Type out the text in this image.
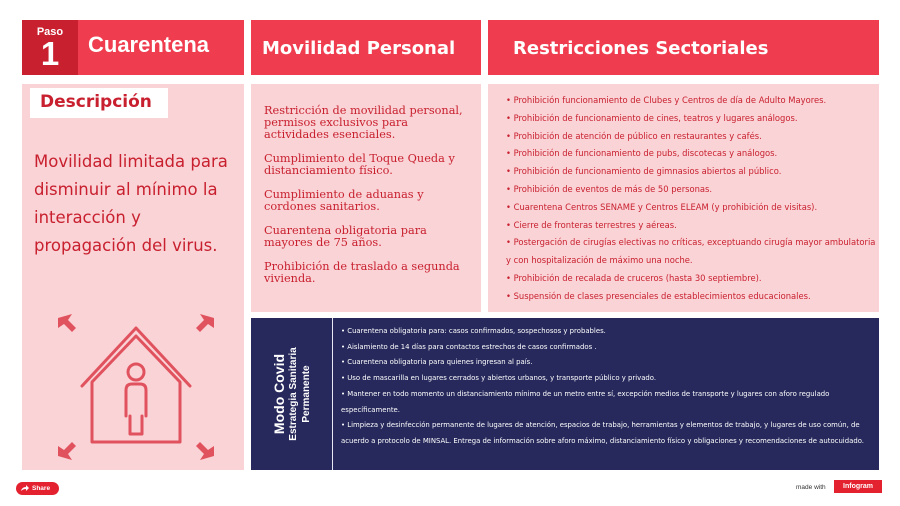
Paso
1	Cuarentena	Movilidad Personal	Restricciones Sectoriales
Descripción
Movilidad limitada para disminuir al mínimo la interacción y propagación del virus.
Restricción de movilidad personal, permisos exclusivos para actividades esenciales.
Cumplimiento del Toque Queda y distanciamiento físico.
Cumplimiento de aduanas y cordones sanitarios.
Cuarentena obligatoria para mayores de 75 años.
Prohibición de traslado a segunda vivienda.
• Prohibición funcionamiento de Clubes y Centros de día de Adulto Mayores.
• Prohibición de funcionamiento de cines, teatros y lugares análogos.
• Prohibición de atención de público en restaurantes y cafés.
• Prohibición de funcionamiento de pubs, discotecas y análogos.
• Prohibición de funcionamiento de gimnasios abiertos al público.
• Prohibición de eventos de más de 50 personas.
• Cuarentena Centros SENAME y Centros ELEAM (y prohibición de visitas).
• Cierre de fronteras terrestres y aéreas.
• Postergación de cirugías electivas no críticas, exceptuando cirugía mayor ambulatoria y con hospitalización de máximo una noche.
• Prohibición de recalada de cruceros (hasta 30 septiembre).
• Suspensión de clases presenciales de establecimientos educacionales.
Modo Covid Estrategia Sanitaria Permanente
• Cuarentena obligatoria para: casos confirmados, sospechosos y probables.
• Aislamiento de 14 días para contactos estrechos de casos confirmados .
• Cuarentena obligatoria para quienes ingresan al país.
• Uso de mascarilla en lugares cerrados y abiertos urbanos, y transporte público y privado.
• Mantener en todo momento un distanciamiento mínimo de un metro entre sí, excepción medios de transporte y lugares con aforo regulado específicamente.
• Limpieza y desinfección permanente de lugares de atención, espacios de trabajo, herramientas y elementos de trabajo, y lugares de uso común, de acuerdo a protocolo de MINSAL. Entrega de información sobre aforo máximo, distanciamiento físico y obligaciones y recomendaciones de autocuidado.
Share	made with	Infogram
